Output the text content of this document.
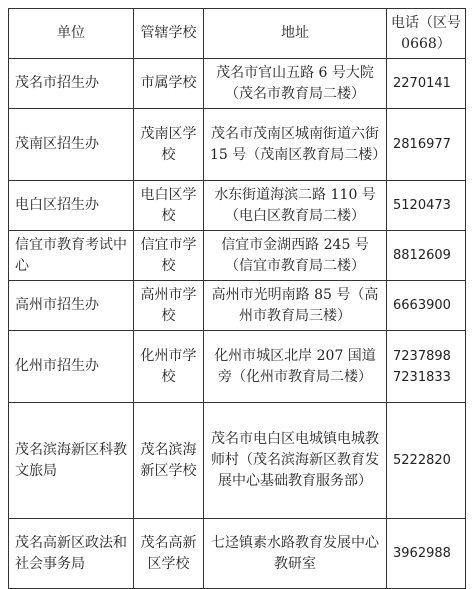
单位	管辖学校	地址	电话（区号 0668）
茂名市招生办	市属学校	茂名市官山五路 6 号大院（茂名市教育局二楼）	2270141

茂南区招生办	茂南区学校	茂名市茂南区城南街道六街 15 号（茂南区教育局二楼）	2816977

电白区招生办	电白区学校	水东街道海滨二路 110 号（电白区教育局二楼）	5120473

信宜市教育考试中心	信宜市学校	信宜市金湖西路 245 号（信宜市教育局二楼）	8812609

高州市招生办	高州市学校	高州市光明南路 85 号（高州市教育局三楼）	6663900

化州市招生办	化州市学校	化州市城区北岸 207 国道旁（化州市教育局二楼）	7237898
7231833

茂名滨海新区科教文旅局	茂名滨海新区学校	茂名市电白区电城镇电城教师村（茂名滨海新区教育发展中心基础教育服务部）	5222820

茂名高新区政法和社会事务局	茂名高新区学校	七迳镇素水路教育发展中心教研室	3962988
